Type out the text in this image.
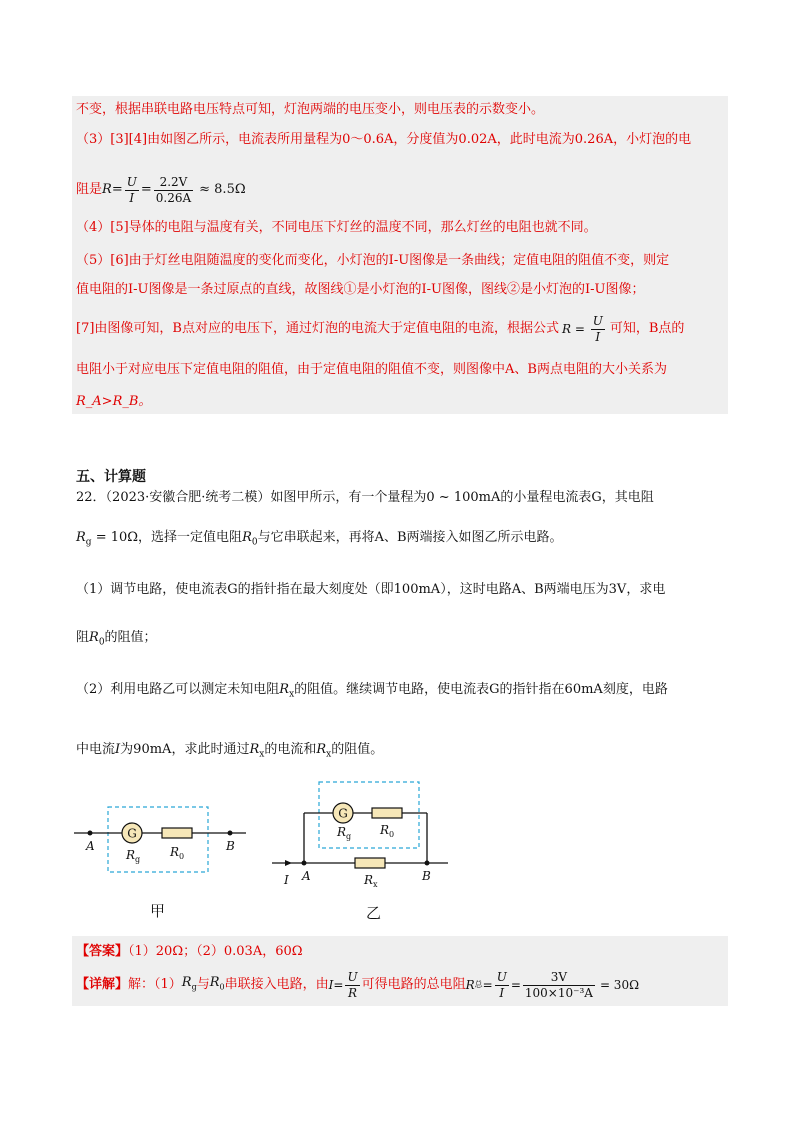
不变，根据串联电路电压特点可知，灯泡两端的电压变小，则电压表的示数变小。
（3）[3][4]由如图乙所示，电流表所用量程为0～0.6A，分度值为0.02A，此时电流为0.26A，小灯泡的电
阻是 $R = \frac{U}{I} = \frac{2.2V}{0.26A} \approx 8.5\Omega$
（4）[5]导体的电阻与温度有关，不同电压下灯丝的温度不同，那么灯丝的电阻也就不同。
（5）[6]由于灯丝电阻随温度的变化而变化，小灯泡的I-U图像是一条曲线；定值电阻的阻值不变，则定
值电阻的I-U图像是一条过原点的直线，故图线①是小灯泡的I-U图像，图线②是小灯泡的I-U图像；
[7]由图像可知，B点对应的电压下，通过灯泡的电流大于定值电阻的电流，根据公式 $R = \frac{U}{I}$ 可知，B点的
电阻小于对应电压下定值电阻的阻值，由于定值电阻的阻值不变，则图像中A、B两点电阻的大小关系为
R_A>R_B。
五、计算题
22．（2023·安徽合肥·统考二模）如图甲所示，有一个量程为0 ~ 100mA的小量程电流表G，其电阻
$R_g = 10\Omega$，选择一定值电阻$R_0$与它串联起来，再将A、B两端接入如图乙所示电路。
（1）调节电路，使电流表G的指针指在最大刻度处（即100mA），这时电路A、B两端电压为3V，求电
阻$R_0$的阻值；
（2）利用电路乙可以测定未知电阻$R_x$的阻值。继续调节电路，使电流表G的指针指在60mA刻度，电路
中电流I为90mA，求此时通过$R_x$的电流和$R_x$的阻值。
G
A	B
$R_g$
$R_0$
甲
G
$R_g$ $R_0$
I A	$R_x$
B
乙
【答案】（1）20Ω；（2）0.03A，60Ω
【详解】 解：（1） $R_g$ 与 $R_0$ 串联接入电路，由 $I = \frac{U}{R}$ 可得电路的总电阻 R 总 = $\frac{U}{I} = \frac{3V}{\text{100×10⁻³A}} = 30\Omega$
